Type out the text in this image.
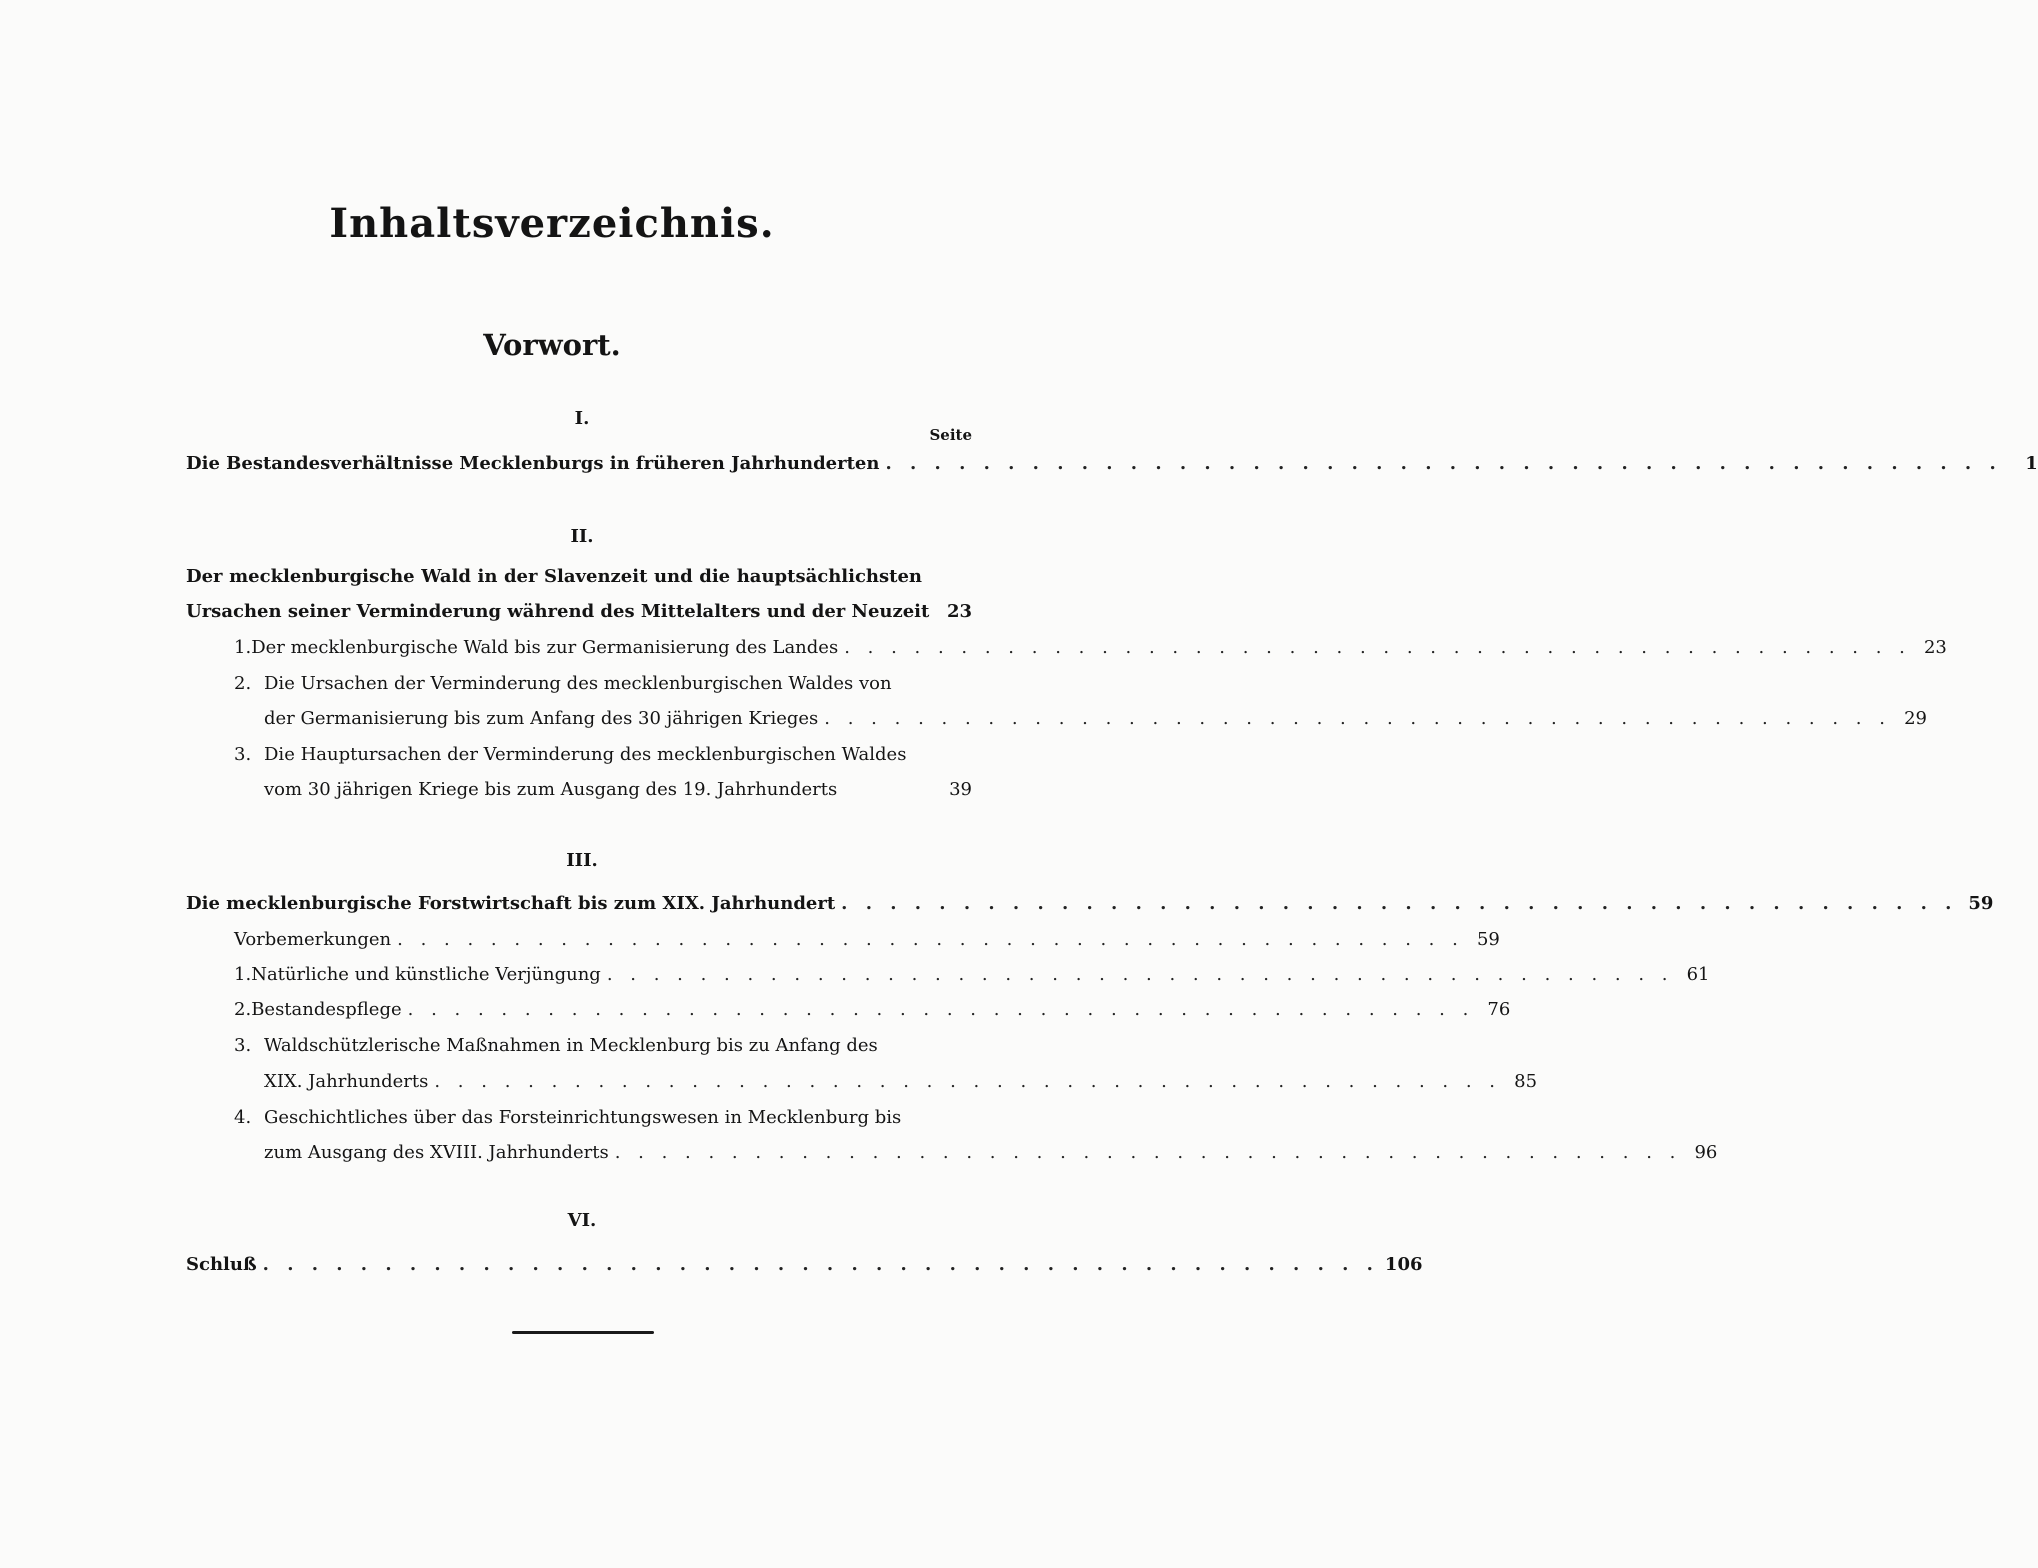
Inhaltsverzeichnis.
Vorwort.
I.
Seite
Die Bestandesverhältnisse Mecklenburgs in früheren Jahrhunderten . . . . . . . . . . . . . . . . . . . . . . . . . . . . . . . . . . . . . . . . . . . . . .	1
II.
Der mecklenburgische Wald in der Slavenzeit und die hauptsächlichsten
Ursachen seiner Verminderung während des Mittelalters und der Neuzeit 23
1. Der mecklenburgische Wald bis zur Germanisierung des Landes . . . . . . . . . . . . . . . . . . . . . . . . . . . . . . . . . . . . . . . . . . . . . . 23
2. Die Ursachen der Verminderung des mecklenburgischen Waldes von
der Germanisierung bis zum Anfang des 30 jährigen Krieges . . . . . . . . . . . . . . . . . . . . . . . . . . . . . . . . . . . . . . . . . . . . . . 29
3. Die Hauptursachen der Verminderung des mecklenburgischen Waldes
vom 30 jährigen Kriege bis zum Ausgang des 19. Jahrhunderts	39
III.
Die mecklenburgische Forstwirtschaft bis zum XIX. Jahrhundert . . . . . . . . . . . . . . . . . . . . . . . . . . . . . . . . . . . . . . . . . . . . . . 59
Vorbemerkungen . . . . . . . . . . . . . . . . . . . . . . . . . . . . . . . . . . . . . . . . . . . . . . 59
1. Natürliche und künstliche Verjüngung . . . . . . . . . . . . . . . . . . . . . . . . . . . . . . . . . . . . . . . . . . . . . . 61
2. Bestandespflege . . . . . . . . . . . . . . . . . . . . . . . . . . . . . . . . . . . . . . . . . . . . . . 76
3. Waldschützlerische Maßnahmen in Mecklenburg bis zu Anfang des
XIX. Jahrhunderts . . . . . . . . . . . . . . . . . . . . . . . . . . . . . . . . . . . . . . . . . . . . . . 85
4. Geschichtliches über das Forsteinrichtungswesen in Mecklenburg bis
zum Ausgang des XVIII. Jahrhunderts . . . . . . . . . . . . . . . . . . . . . . . . . . . . . . . . . . . . . . . . . . . . . . 96
VI.
Schluß . . . . . . . . . . . . . . . . . . . . . . . . . . . . . . . . . . . . . . . . . . . . . . 106
